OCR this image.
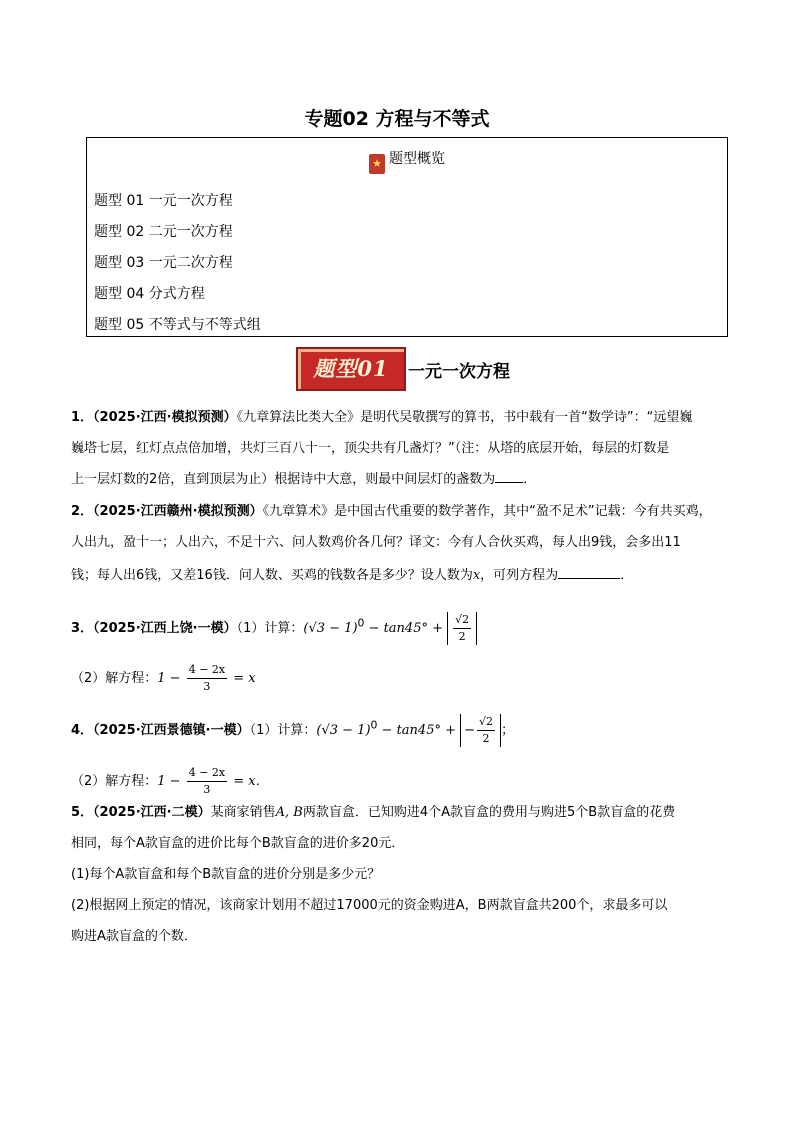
专题02 方程与不等式
★ 题型概览
题型 01 一元一次方程
题型 02 二元一次方程
题型 03 一元二次方程
题型 04 分式方程
题型 05 不等式与不等式组
题型01	一元一次方程
1．（2025·江西·模拟预测）《九章算法比类大全》是明代吴敬撰写的算书，书中载有一首“数学诗”：“远望巍
巍塔七层，红灯点点倍加增，共灯三百八十一，顶尖共有几盏灯？”（注：从塔的底层开始，每层的灯数是
上一层灯数的2倍，直到顶层为止）根据诗中大意，则最中间层灯的盏数为 ．
2．（2025·江西赣州·模拟预测）《九章算术》是中国古代重要的数学著作，其中“盈不足术”记载：今有共买鸡，
人出九，盈十一；人出六，不足十六、问人数鸡价各几何？译文：今有人合伙买鸡，每人出9钱，会多出11
钱；每人出6钱，又差16钱．问人数、买鸡的钱数各是多少？设人数为x，可列方程为	．
3．（2025·江西上饶·一模）（1）计算：$(√3 - 1)^0 - \tan 45^\circ + \frac{√2}{2}$
（2）解方程：$1 - \frac{4 - 2x}{3} = x$
4．（2025·江西景德镇·一模）（1）计算：$(√3 - 1)^0 - \tan 45^\circ$ + − $\frac{√2}{2}$ ；
（2）解方程：$1 - \frac{4 - 2x}{3} = x$．
5．（2025·江西·二模）某商家销售A, B两款盲盒．已知购进4个A款盲盒的费用与购进5个B款盲盒的花费
相同，每个A款盲盒的进价比每个B款盲盒的进价多20元．
(1)每个A款盲盒和每个B款盲盒的进价分别是多少元？
(2)根据网上预定的情况，该商家计划用不超过17000元的资金购进A，B两款盲盒共200个，求最多可以
购进A款盲盒的个数．
